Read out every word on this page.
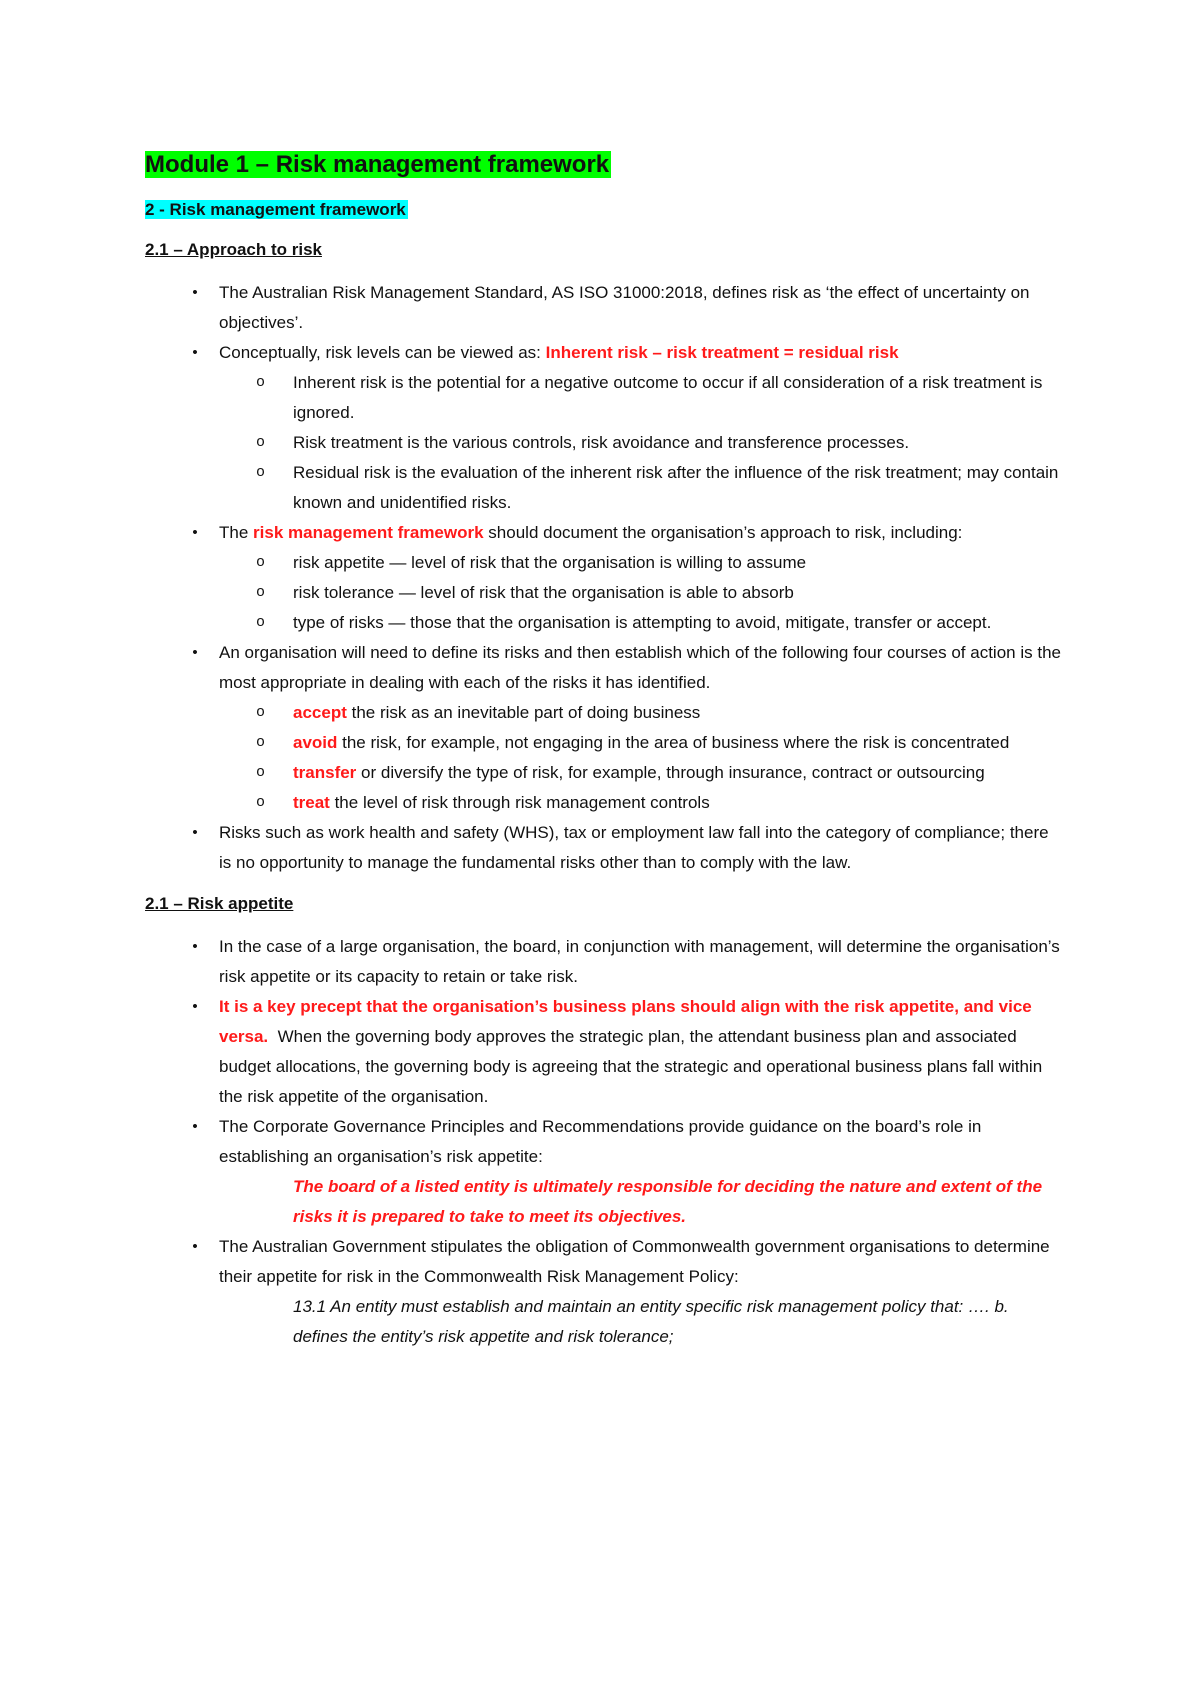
Module 1 – Risk management framework
2 - Risk management framework
2.1 – Approach to risk
• The Australian Risk Management Standard, AS ISO 31000:2018, defines risk as ‘the effect of uncertainty on objectives’.
• Conceptually, risk levels can be viewed as: Inherent risk – risk treatment = residual risk
o Inherent risk is the potential for a negative outcome to occur if all consideration of a risk treatment is ignored.
o Risk treatment is the various controls, risk avoidance and transference processes.
o Residual risk is the evaluation of the inherent risk after the influence of the risk treatment; may contain known and unidentified risks.
• The risk management framework should document the organisation’s approach to risk, including:
o risk appetite — level of risk that the organisation is willing to assume
o risk tolerance — level of risk that the organisation is able to absorb
o type of risks — those that the organisation is attempting to avoid, mitigate, transfer or accept.
• An organisation will need to define its risks and then establish which of the following four courses of action is the most appropriate in dealing with each of the risks it has identified.
o accept the risk as an inevitable part of doing business
o avoid the risk, for example, not engaging in the area of business where the risk is concentrated
o transfer or diversify the type of risk, for example, through insurance, contract or outsourcing
o treat the level of risk through risk management controls
• Risks such as work health and safety (WHS), tax or employment law fall into the category of compliance; there is no opportunity to manage the fundamental risks other than to comply with the law.
2.1 – Risk appetite
• In the case of a large organisation, the board, in conjunction with management, will determine the organisation’s risk appetite or its capacity to retain or take risk.
• It is a key precept that the organisation’s business plans should align with the risk appetite, and vice versa.  When the governing body approves the strategic plan, the attendant business plan and associated budget allocations, the governing body is agreeing that the strategic and operational business plans fall within the risk appetite of the organisation.
• The Corporate Governance Principles and Recommendations provide guidance on the board’s role in establishing an organisation’s risk appetite:
The board of a listed entity is ultimately responsible for deciding the nature and extent of the risks it is prepared to take to meet its objectives.
• The Australian Government stipulates the obligation of Commonwealth government organisations to determine their appetite for risk in the Commonwealth Risk Management Policy:
13.1 An entity must establish and maintain an entity specific risk management policy that: …. b. defines the entity’s risk appetite and risk tolerance;
